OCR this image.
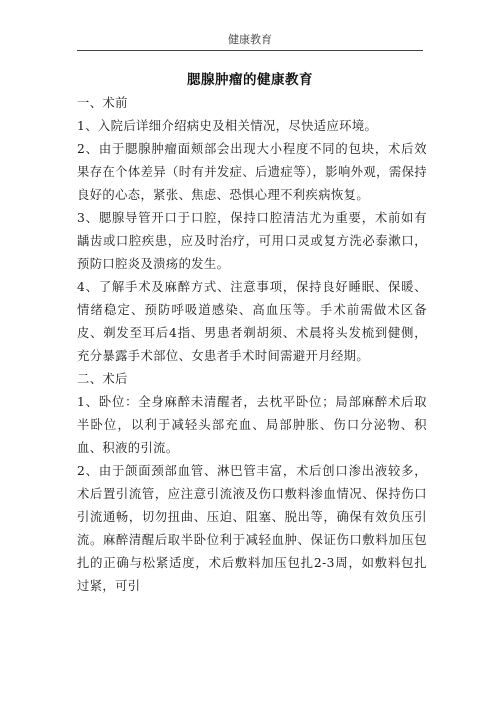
健康教育
腮腺肿瘤的健康教育

一、术前

1、入院后详细介绍病史及相关情况，尽快适应环境。

2、由于腮腺肿瘤面颊部会出现大小程度不同的包块，术后效果存在个体差异（时有并发症、后遗症等），影响外观，需保持良好的心态，紧张、焦虑、恐惧心理不利疾病恢复。

3、腮腺导管开口于口腔，保持口腔清洁尤为重要，术前如有龋齿或口腔疾患，应及时治疗，可用口灵或复方洗必泰漱口，预防口腔炎及溃疡的发生。

4、了解手术及麻醉方式、注意事项，保持良好睡眠、保暖、情绪稳定、预防呼吸道感染、高血压等。手术前需做术区备皮、剃发至耳后4指、男患者剃胡须、术晨将头发梳到健侧，充分暴露手术部位、女患者手术时间需避开月经期。

二、术后

1、卧位：全身麻醉未清醒者，去枕平卧位；局部麻醉术后取半卧位，以利于减轻头部充血、局部肿胀、伤口分泌物、积血、积液的引流。

2、由于颌面颈部血管、淋巴管丰富，术后创口渗出液较多，术后置引流管，应注意引流液及伤口敷料渗血情况、保持伤口引流通畅，切勿扭曲、压迫、阻塞、脱出等，确保有效负压引流。麻醉清醒后取半卧位利于减轻血肿、保证伤口敷料加压包扎的正确与松紧适度，术后敷料加压包扎2-3周，如敷料包扎过紧，可引
